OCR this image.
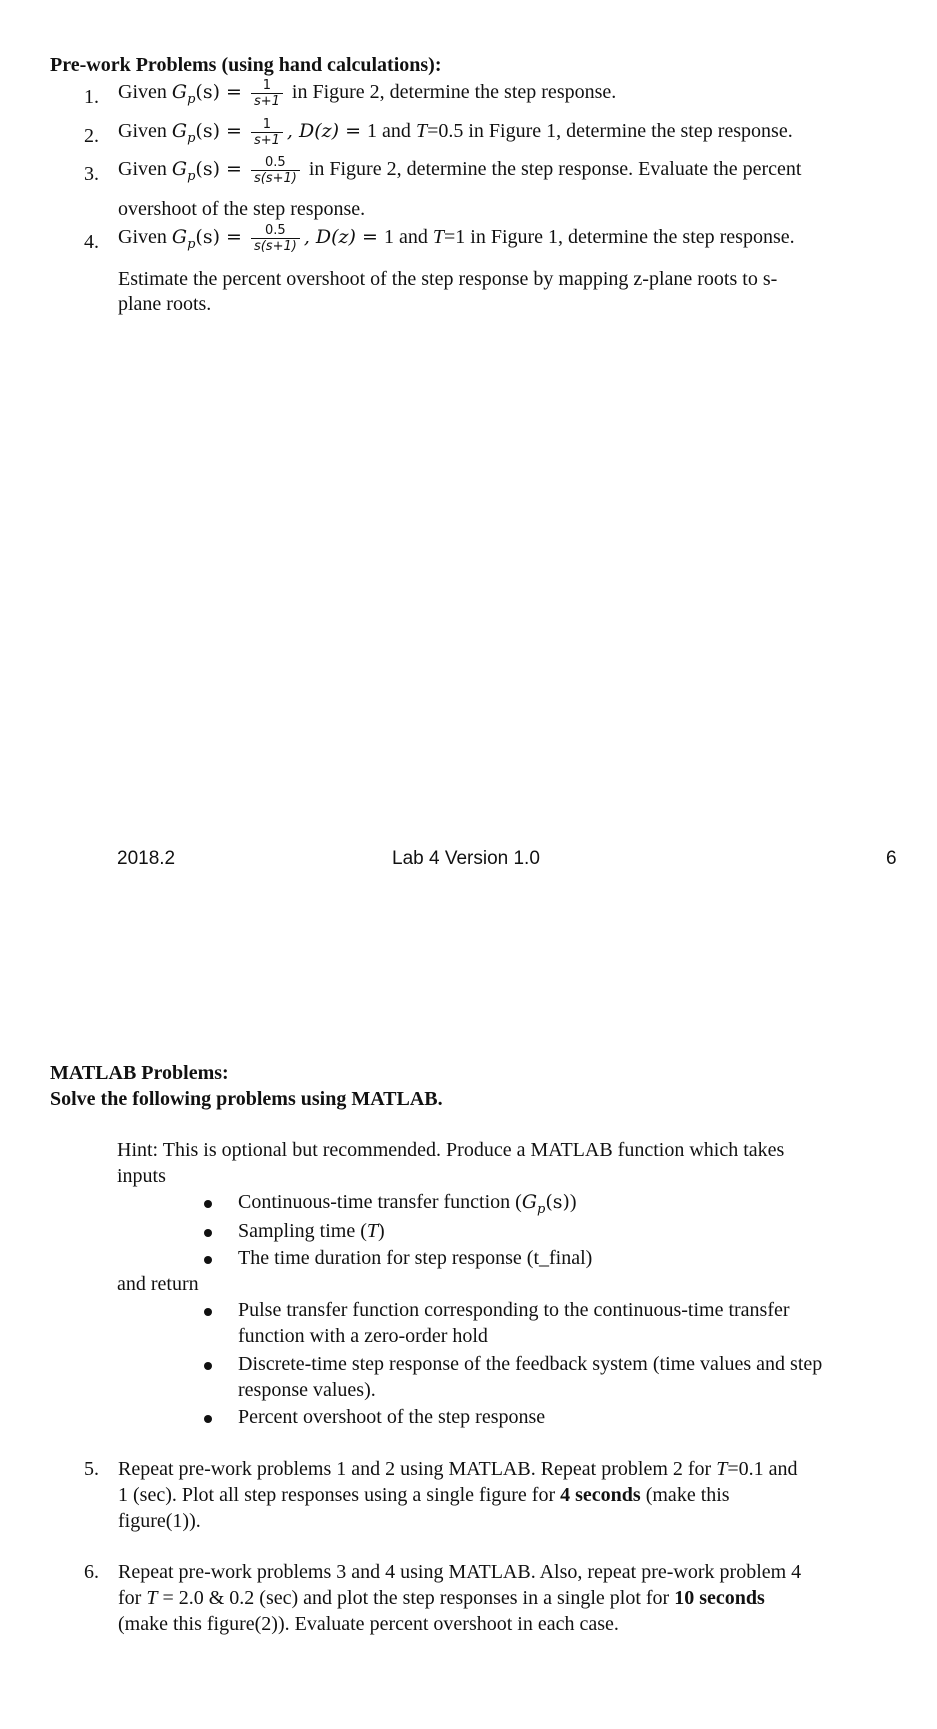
Pre-work Problems (using hand calculations):
1. Given $G_p(s) = \frac{1}{s+1}$ in Figure 2, determine the step response.
2. Given $G_p(s) = \frac{1}{s+1}$ , D(z) = 1 and T=0.5 in Figure 1, determine the step response.
3. Given $G_p(s) = \frac{0.5}{s(s+1)}$ in Figure 2, determine the step response. Evaluate the percent
overshoot of the step response.
4. Given $G_p(s) = \frac{0.5}{s(s+1)}$ , D(z) = 1 and T=1 in Figure 1, determine the step response.
Estimate the percent overshoot of the step response by mapping z-plane roots to s-
plane roots.
2018.2	Lab 4 Version 1.0	6
MATLAB Problems:
Solve the following problems using MATLAB.
Hint: This is optional but recommended. Produce a MATLAB function which takes
inputs
Continuous-time transfer function $(G_p(s))$
Sampling time (T)
The time duration for step response (t_final)
and return
Pulse transfer function corresponding to the continuous-time transfer
function with a zero-order hold
Discrete-time step response of the feedback system (time values and step
response values).
Percent overshoot of the step response
5. Repeat pre-work problems 1 and 2 using MATLAB. Repeat problem 2 for T=0.1 and
1 (sec). Plot all step responses using a single figure for 4 seconds (make this
figure(1)).
6. Repeat pre-work problems 3 and 4 using MATLAB. Also, repeat pre-work problem 4
for T = 2.0 & 0.2 (sec) and plot the step responses in a single plot for 10 seconds
(make this figure(2)). Evaluate percent overshoot in each case.
